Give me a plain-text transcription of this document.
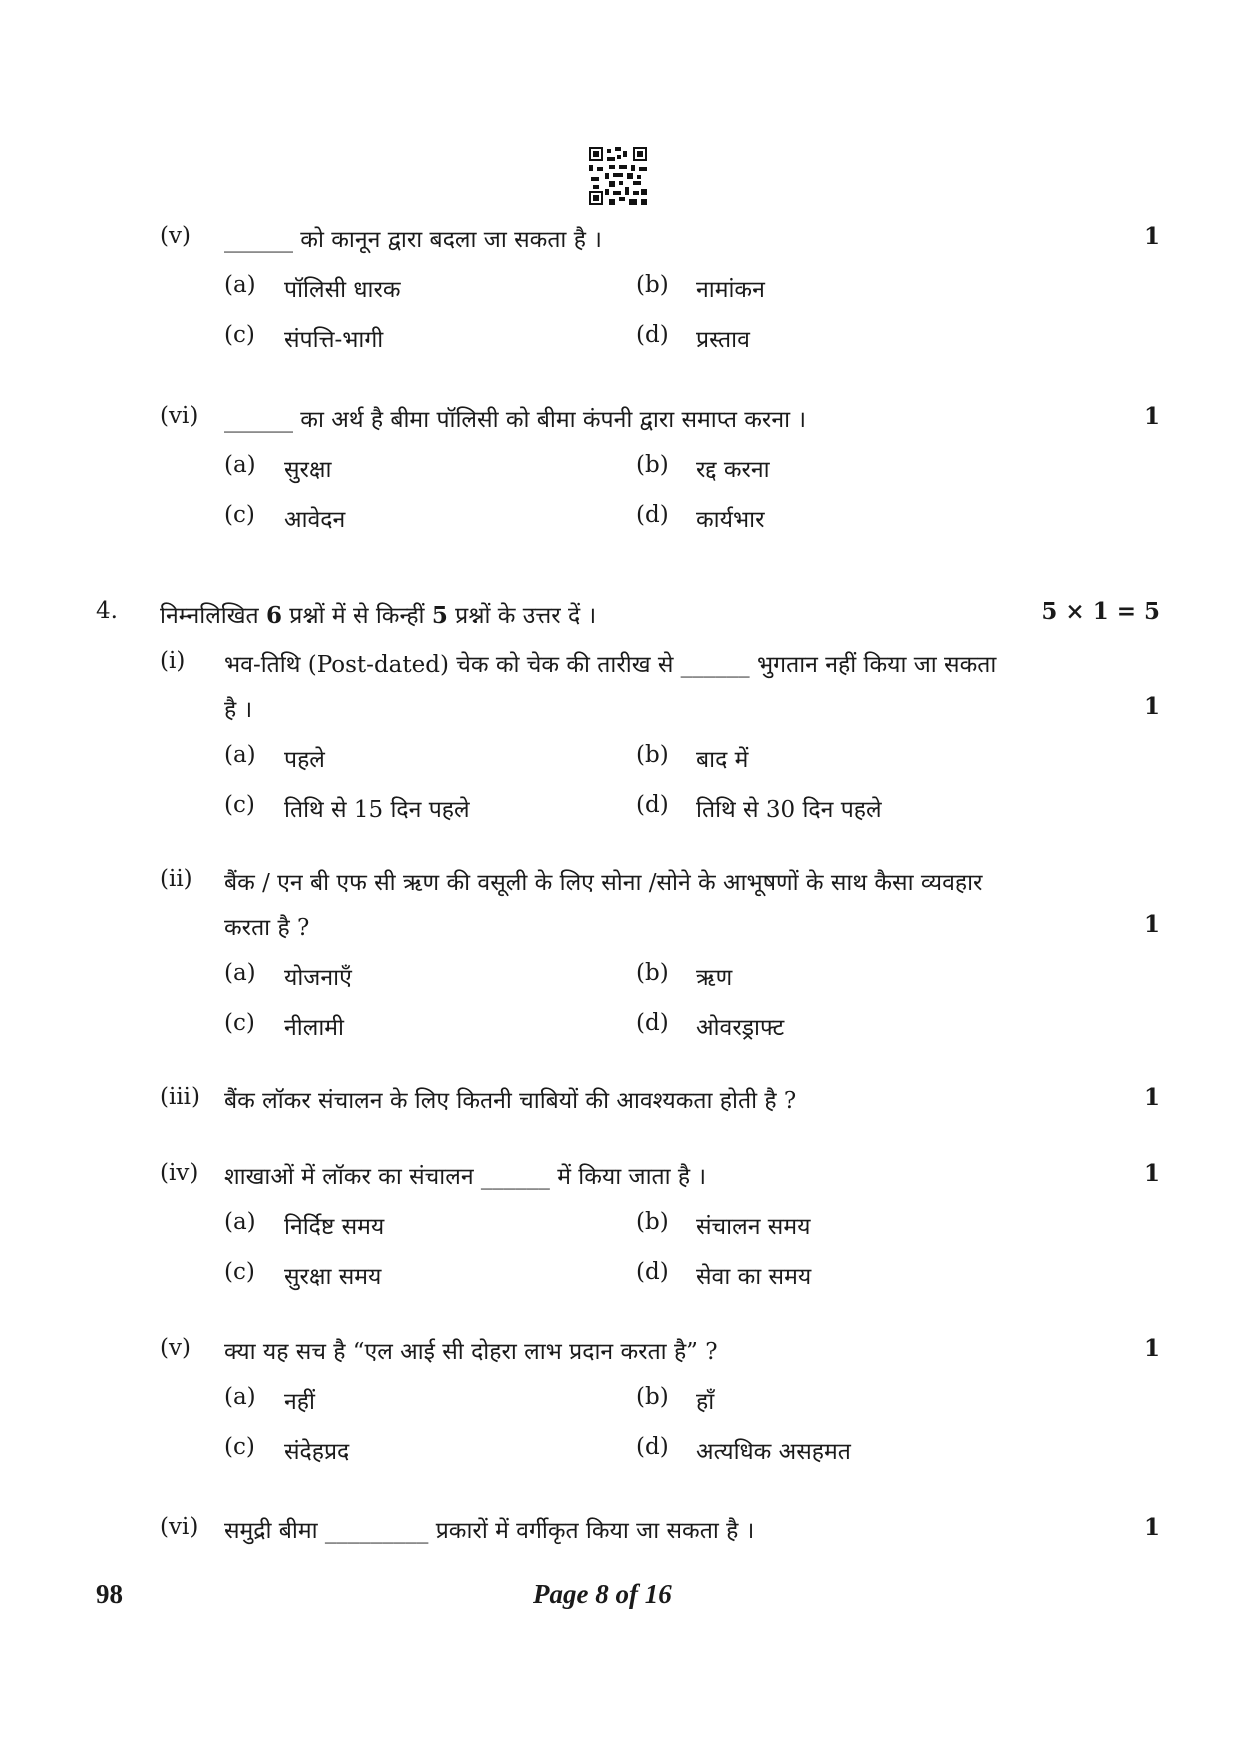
(v)	______ को कानून द्वारा बदला जा सकता है ।	1
(a) पॉलिसी धारक	(b) नामांकन
(c) संपत्ति-भागी	(d) प्रस्ताव
(vi)	______ का अर्थ है बीमा पॉलिसी को बीमा कंपनी द्वारा समाप्त करना ।	1
(a) सुरक्षा	(b) रद्द करना
(c) आवेदन	(d) कार्यभार
4. निम्नलिखित 6 प्रश्नों में से किन्हीं 5 प्रश्नों के उत्तर दें ।	5 × 1 = 5
(i)	भव-तिथि (Post-dated) चेक को चेक की तारीख से ______ भुगतान नहीं किया जा सकता
है ।	1
(a) पहले	(b) बाद में
(c) तिथि से 15 दिन पहले	(d) तिथि से 30 दिन पहले
(ii)	बैंक / एन बी एफ सी ऋण की वसूली के लिए सोना /सोने के आभूषणों के साथ कैसा व्यवहार
करता है ?	1
(a) योजनाएँ	(b) ऋण
(c) नीलामी	(d) ओवरड्राफ्ट
(iii)	बैंक लॉकर संचालन के लिए कितनी चाबियों की आवश्यकता होती है ?	1
(iv)	शाखाओं में लॉकर का संचालन ______ में किया जाता है ।	1
(a) निर्दिष्ट समय	(b) संचालन समय
(c) सुरक्षा समय	(d) सेवा का समय
(v)	क्या यह सच है “एल आई सी दोहरा लाभ प्रदान करता है” ?	1
(a) नहीं	(b) हाँ
(c) संदेहप्रद	(d) अत्यधिक असहमत
(vi)	समुद्री बीमा _________ प्रकारों में वर्गीकृत किया जा सकता है ।	1
98	Page 8 of 16
